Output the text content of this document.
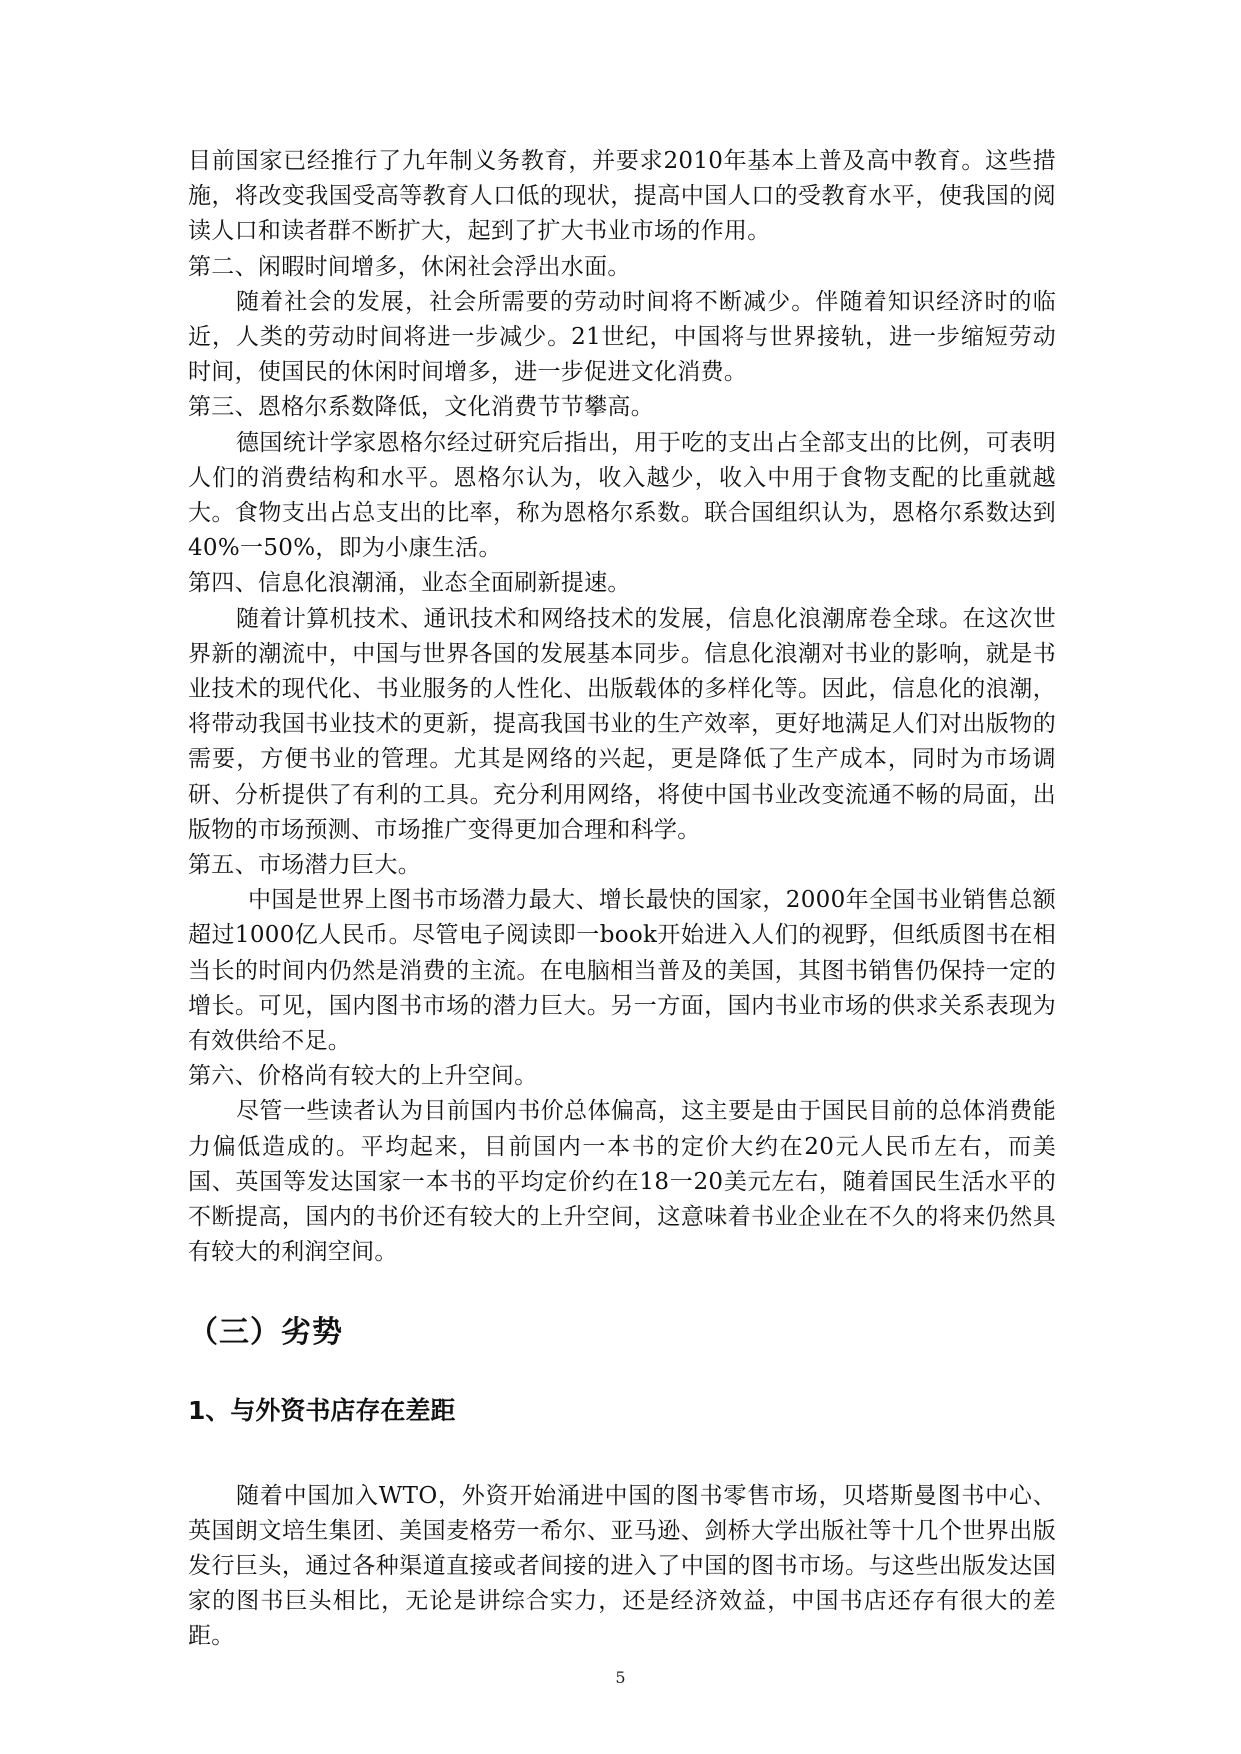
目前国家已经推行了九年制义务教育，并要求2010年基本上普及高中教育。这些措施，将改变我国受高等教育人口低的现状，提高中国人口的受教育水平，使我国的阅读人口和读者群不断扩大，起到了扩大书业市场的作用。

第二、闲暇时间增多，休闲社会浮出水面。

随着社会的发展，社会所需要的劳动时间将不断减少。伴随着知识经济时的临近，人类的劳动时间将进一步减少。21世纪，中国将与世界接轨，进一步缩短劳动时间，使国民的休闲时间增多，进一步促进文化消费。

第三、恩格尔系数降低，文化消费节节攀高。

德国统计学家恩格尔经过研究后指出，用于吃的支出占全部支出的比例，可表明人们的消费结构和水平。恩格尔认为，收入越少，收入中用于食物支配的比重就越大。食物支出占总支出的比率，称为恩格尔系数。联合国组织认为，恩格尔系数达到40%一50%，即为小康生活。

第四、信息化浪潮涌，业态全面刷新提速。

随着计算机技术、通讯技术和网络技术的发展，信息化浪潮席卷全球。在这次世界新的潮流中，中国与世界各国的发展基本同步。信息化浪潮对书业的影响，就是书业技术的现代化、书业服务的人性化、出版载体的多样化等。因此，信息化的浪潮，将带动我国书业技术的更新，提高我国书业的生产效率，更好地满足人们对出版物的需要，方便书业的管理。尤其是网络的兴起，更是降低了生产成本，同时为市场调研、分析提供了有利的工具。充分利用网络，将使中国书业改变流通不畅的局面，出版物的市场预测、市场推广变得更加合理和科学。

第五、市场潜力巨大。

中国是世界上图书市场潜力最大、增长最快的国家，2000年全国书业销售总额超过1000亿人民币。尽管电子阅读即一book开始进入人们的视野，但纸质图书在相当长的时间内仍然是消费的主流。在电脑相当普及的美国，其图书销售仍保持一定的增长。可见，国内图书市场的潜力巨大。另一方面，国内书业市场的供求关系表现为有效供给不足。

第六、价格尚有较大的上升空间。

尽管一些读者认为目前国内书价总体偏高，这主要是由于国民目前的总体消费能力偏低造成的。平均起来，目前国内一本书的定价大约在20元人民币左右，而美国、英国等发达国家一本书的平均定价约在18一20美元左右，随着国民生活水平的不断提高，国内的书价还有较大的上升空间，这意味着书业企业在不久的将来仍然具有较大的利润空间。

（三）劣势
1、与外资书店存在差距

随着中国加入WTO，外资开始涌进中国的图书零售市场，贝塔斯曼图书中心、英国朗文培生集团、美国麦格劳一希尔、亚马逊、剑桥大学出版社等十几个世界出版发行巨头，通过各种渠道直接或者间接的进入了中国的图书市场。与这些出版发达国家的图书巨头相比，无论是讲综合实力，还是经济效益，中国书店还存有很大的差距。

5
